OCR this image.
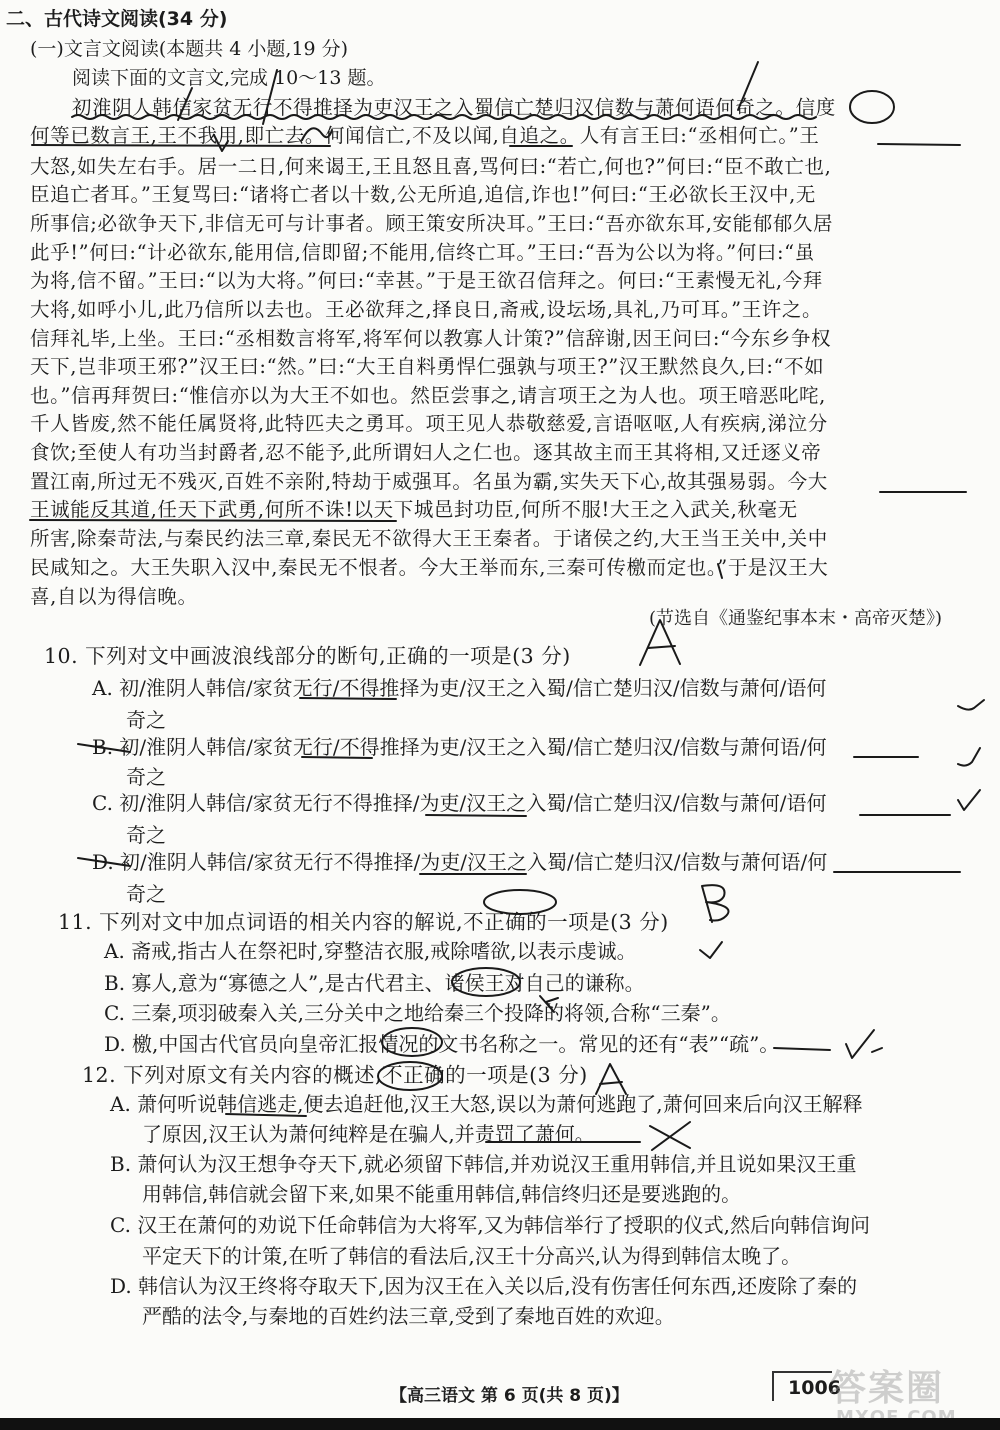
二、古代诗文阅读(34 分)
(一)文言文阅读(本题共 4 小题,19 分)
阅读下面的文言文,完成 10～13 题。
初淮阴人韩信家贫无行不得推择为吏汉王之入蜀信亡楚归汉信数与萧何语何奇之。信度
何等已数言王,王不我用,即亡去。何闻信亡,不及以闻,自追之。人有言王曰:“丞相何亡。”王
大怒,如失左右手。居一二日,何来谒王,王且怒且喜,骂何曰:“若亡,何也?”何曰:“臣不敢亡也,
臣追亡者耳。”王复骂曰:“诸将亡者以十数,公无所追,追信,诈也!”何曰:“王必欲长王汉中,无
所事信;必欲争天下,非信无可与计事者。顾王策安所决耳。”王曰:“吾亦欲东耳,安能郁郁久居
此乎!”何曰:“计必欲东,能用信,信即留;不能用,信终亡耳。”王曰:“吾为公以为将。”何曰:“虽
为将,信不留。”王曰:“以为大将。”何曰:“幸甚。”于是王欲召信拜之。何曰:“王素慢无礼,今拜
大将,如呼小儿,此乃信所以去也。王必欲拜之,择良日,斋戒,设坛场,具礼,乃可耳。”王许之。
信拜礼毕,上坐。王曰:“丞相数言将军,将军何以教寡人计策?”信辞谢,因王问曰:“今东乡争权
天下,岂非项王邪?”汉王曰:“然。”曰:“大王自料勇悍仁强孰与项王?”汉王默然良久,曰:“不如
也。”信再拜贺曰:“惟信亦以为大王不如也。然臣尝事之,请言项王之为人也。项王喑恶叱咤,
千人皆废,然不能任属贤将,此特匹夫之勇耳。项王见人恭敬慈爱,言语呕呕,人有疾病,涕泣分
食饮;至使人有功当封爵者,忍不能予,此所谓妇人之仁也。逐其故主而王其将相,又迁逐义帝
置江南,所过无不残灭,百姓不亲附,特劫于威强耳。名虽为霸,实失天下心,故其强易弱。今大
王诚能反其道,任天下武勇,何所不诛!以天下城邑封功臣,何所不服!大王之入武关,秋毫无
所害,除秦苛法,与秦民约法三章,秦民无不欲得大王王秦者。于诸侯之约,大王当王关中,关中
民咸知之。大王失职入汉中,秦民无不恨者。今大王举而东,三秦可传檄而定也。”于是汉王大
喜,自以为得信晚。
(节选自《通鉴纪事本末・高帝灭楚》)
10. 下列对文中画波浪线部分的断句,正确的一项是(3 分)
A. 初/淮阴人韩信/家贫无行/不得推择为吏/汉王之入蜀/信亡楚归汉/信数与萧何/语何
奇之
B. 初/淮阴人韩信/家贫无行/不得推择为吏/汉王之入蜀/信亡楚归汉/信数与萧何语/何
奇之
C. 初/淮阴人韩信/家贫无行不得推择/为吏/汉王之入蜀/信亡楚归汉/信数与萧何/语何
奇之
D. 初/淮阴人韩信/家贫无行不得推择/为吏/汉王之入蜀/信亡楚归汉/信数与萧何语/何
奇之
11. 下列对文中加点词语的相关内容的解说,不正确的一项是(3 分)
A. 斋戒,指古人在祭祀时,穿整洁衣服,戒除嗜欲,以表示虔诚。
B. 寡人,意为“寡德之人”,是古代君主、诸侯王对自己的谦称。
C. 三秦,项羽破秦入关,三分关中之地给秦三个投降的将领,合称“三秦”。
D. 檄,中国古代官员向皇帝汇报情况的文书名称之一。常见的还有“表”“疏”。
12. 下列对原文有关内容的概述,不正确的一项是(3 分)
A. 萧何听说韩信逃走,便去追赶他,汉王大怒,误以为萧何逃跑了,萧何回来后向汉王解释
了原因,汉王认为萧何纯粹是在骗人,并责罚了萧何。
B. 萧何认为汉王想争夺天下,就必须留下韩信,并劝说汉王重用韩信,并且说如果汉王重
用韩信,韩信就会留下来,如果不能重用韩信,韩信终归还是要逃跑的。
C. 汉王在萧何的劝说下任命韩信为大将军,又为韩信举行了授职的仪式,然后向韩信询问
平定天下的计策,在听了韩信的看法后,汉王十分高兴,认为得到韩信太晚了。
D. 韩信认为汉王终将夺取天下,因为汉王在入关以后,没有伤害任何东西,还废除了秦的
严酷的法令,与秦地的百姓约法三章,受到了秦地百姓的欢迎。
【高三语文 第 6 页(共 8 页)】	1006
答案圈
